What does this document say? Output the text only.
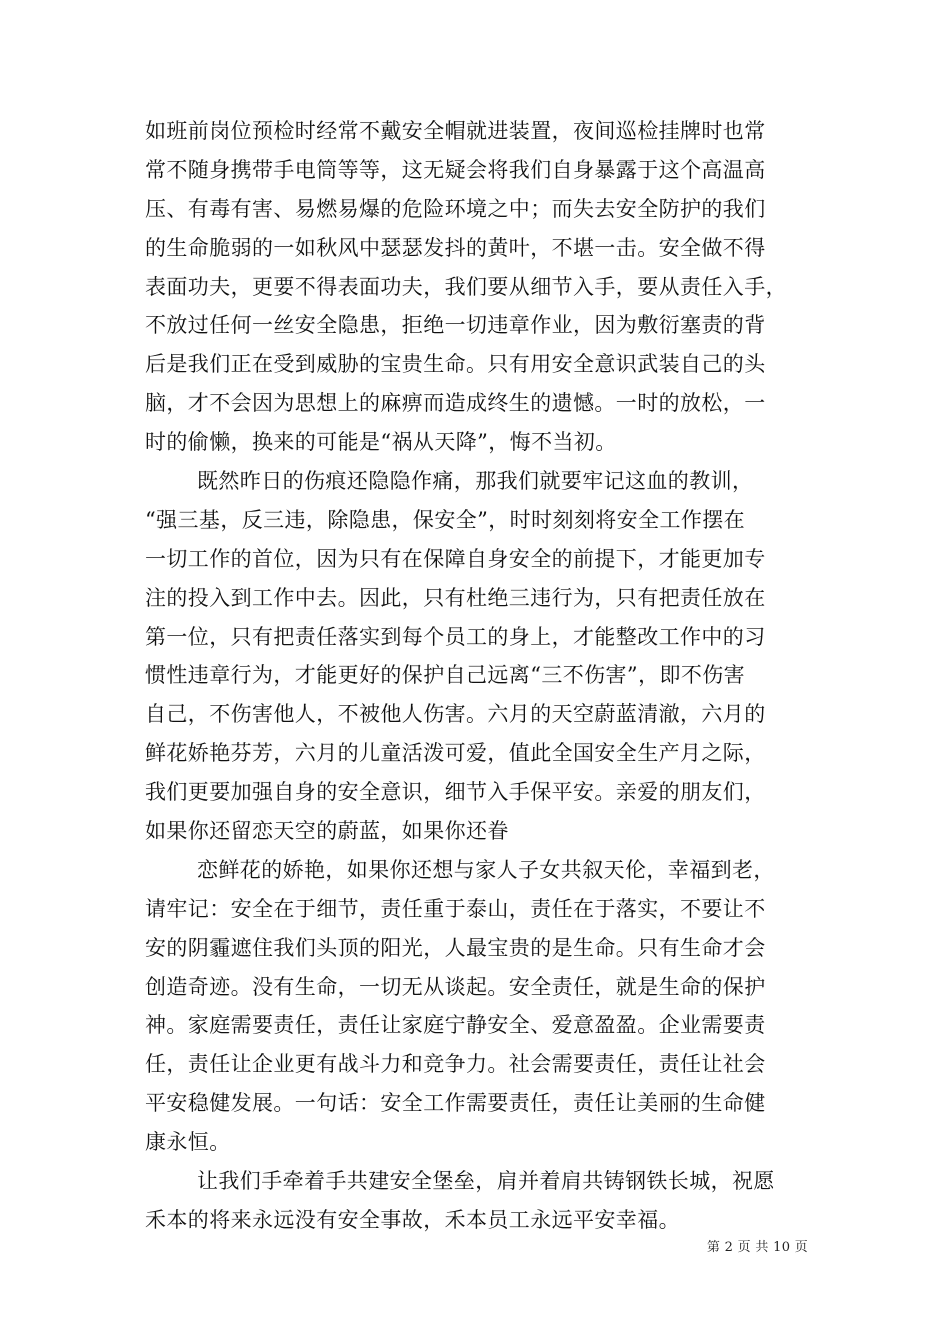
如班前岗位预检时经常不戴安全帽就进装置，夜间巡检挂牌时也常
常不随身携带手电筒等等，这无疑会将我们自身暴露于这个高温高
压、有毒有害、易燃易爆的危险环境之中；而失去安全防护的我们
的生命脆弱的一如秋风中瑟瑟发抖的黄叶，不堪一击。安全做不得
表面功夫，更要不得表面功夫，我们要从细节入手，要从责任入手，
不放过任何一丝安全隐患，拒绝一切违章作业，因为敷衍塞责的背
后是我们正在受到威胁的宝贵生命。只有用安全意识武装自己的头
脑，才不会因为思想上的麻痹而造成终生的遗憾。一时的放松，一
时的偷懒，换来的可能是“祸从天降”，悔不当初。
既然昨日的伤痕还隐隐作痛，那我们就要牢记这血的教训，
“强三基，反三违，除隐患，保安全”，时时刻刻将安全工作摆在
一切工作的首位，因为只有在保障自身安全的前提下，才能更加专
注的投入到工作中去。因此，只有杜绝三违行为，只有把责任放在
第一位，只有把责任落实到每个员工的身上，才能整改工作中的习
惯性违章行为，才能更好的保护自己远离“三不伤害”，即不伤害
自己，不伤害他人，不被他人伤害。六月的天空蔚蓝清澈，六月的
鲜花娇艳芬芳，六月的儿童活泼可爱，值此全国安全生产月之际，
我们更要加强自身的安全意识，细节入手保平安。亲爱的朋友们，
如果你还留恋天空的蔚蓝，如果你还眷
恋鲜花的娇艳，如果你还想与家人子女共叙天伦，幸福到老，
请牢记：安全在于细节，责任重于泰山，责任在于落实，不要让不
安的阴霾遮住我们头顶的阳光，人最宝贵的是生命。只有生命才会
创造奇迹。没有生命，一切无从谈起。安全责任，就是生命的保护
神。家庭需要责任，责任让家庭宁静安全、爱意盈盈。企业需要责
任，责任让企业更有战斗力和竞争力。社会需要责任，责任让社会
平安稳健发展。一句话：安全工作需要责任，责任让美丽的生命健
康永恒。
让我们手牵着手共建安全堡垒，肩并着肩共铸钢铁长城，祝愿
禾本的将来永远没有安全事故，禾本员工永远平安幸福。
第 2 页 共 10 页
